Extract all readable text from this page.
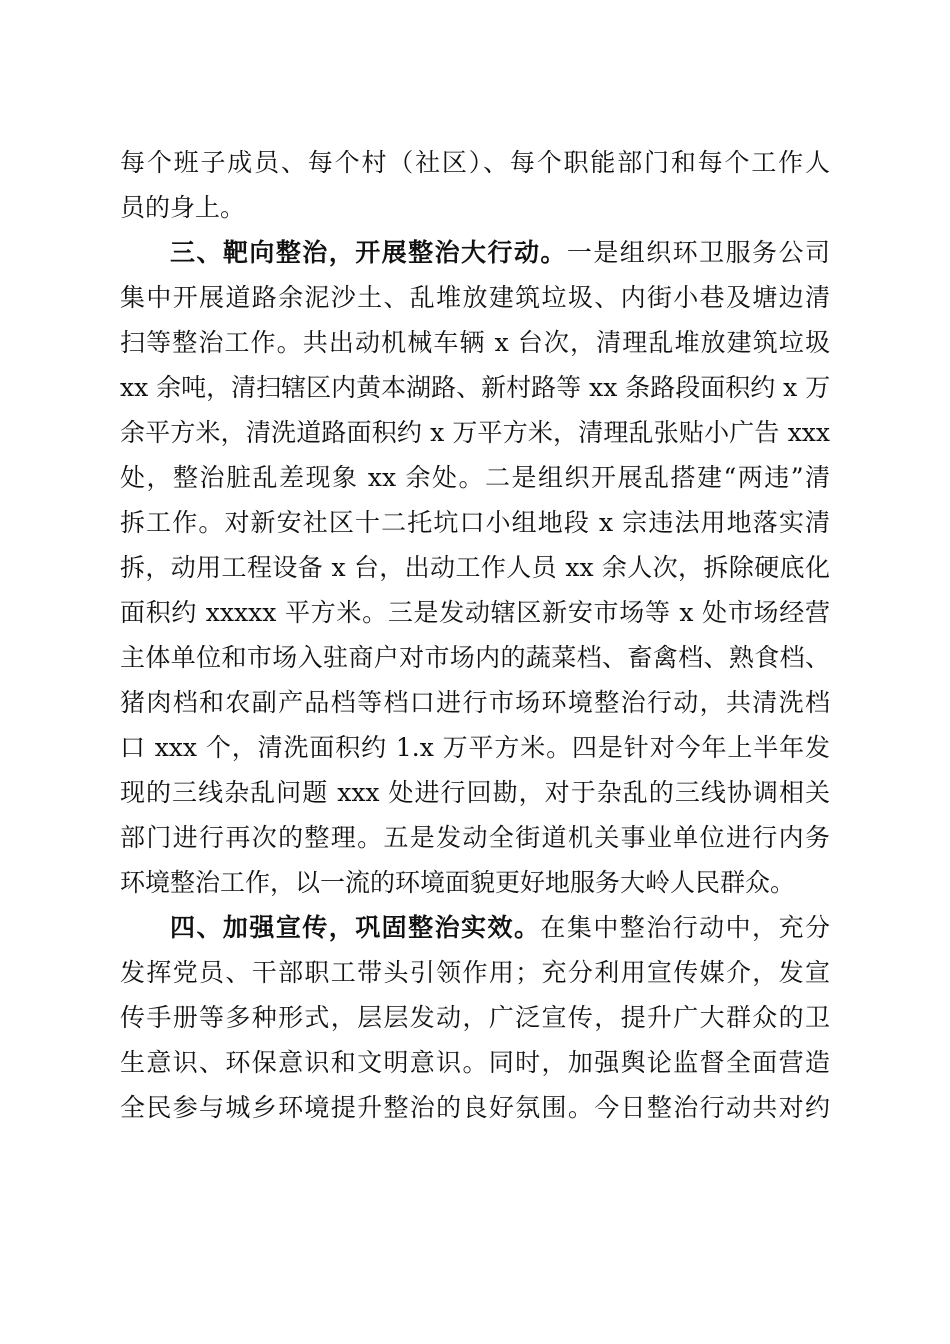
每个班子成员、每个村（社区）、每个职能部门和每个工作人
员的身上。
三、靶向整治，开展整治大行动。一是组织环卫服务公司
集中开展道路余泥沙土、乱堆放建筑垃圾、内街小巷及塘边清
扫等整治工作。共出动机械车辆 x 台次，清理乱堆放建筑垃圾
xx 余吨，清扫辖区内黄本湖路、新村路等 xx 条路段面积约 x 万
余平方米，清洗道路面积约 x 万平方米，清理乱张贴小广告 xxx
处，整治脏乱差现象 xx 余处。二是组织开展乱搭建“两违”清
拆工作。对新安社区十二托坑口小组地段 x 宗违法用地落实清
拆，动用工程设备 x 台，出动工作人员 xx 余人次，拆除硬底化
面积约 xxxxx 平方米。三是发动辖区新安市场等 x 处市场经营
主体单位和市场入驻商户对市场内的蔬菜档、畜禽档、熟食档、
猪肉档和农副产品档等档口进行市场环境整治行动，共清洗档
口 xxx 个，清洗面积约 1.x 万平方米。四是针对今年上半年发
现的三线杂乱问题 xxx 处进行回勘，对于杂乱的三线协调相关
部门进行再次的整理。五是发动全街道机关事业单位进行内务
环境整治工作，以一流的环境面貌更好地服务大岭人民群众。
四、加强宣传，巩固整治实效。在集中整治行动中，充分
发挥党员、干部职工带头引领作用；充分利用宣传媒介，发宣
传手册等多种形式，层层发动，广泛宣传，提升广大群众的卫
生意识、环保意识和文明意识。同时，加强舆论监督全面营造
全民参与城乡环境提升整治的良好氛围。今日整治行动共对约
